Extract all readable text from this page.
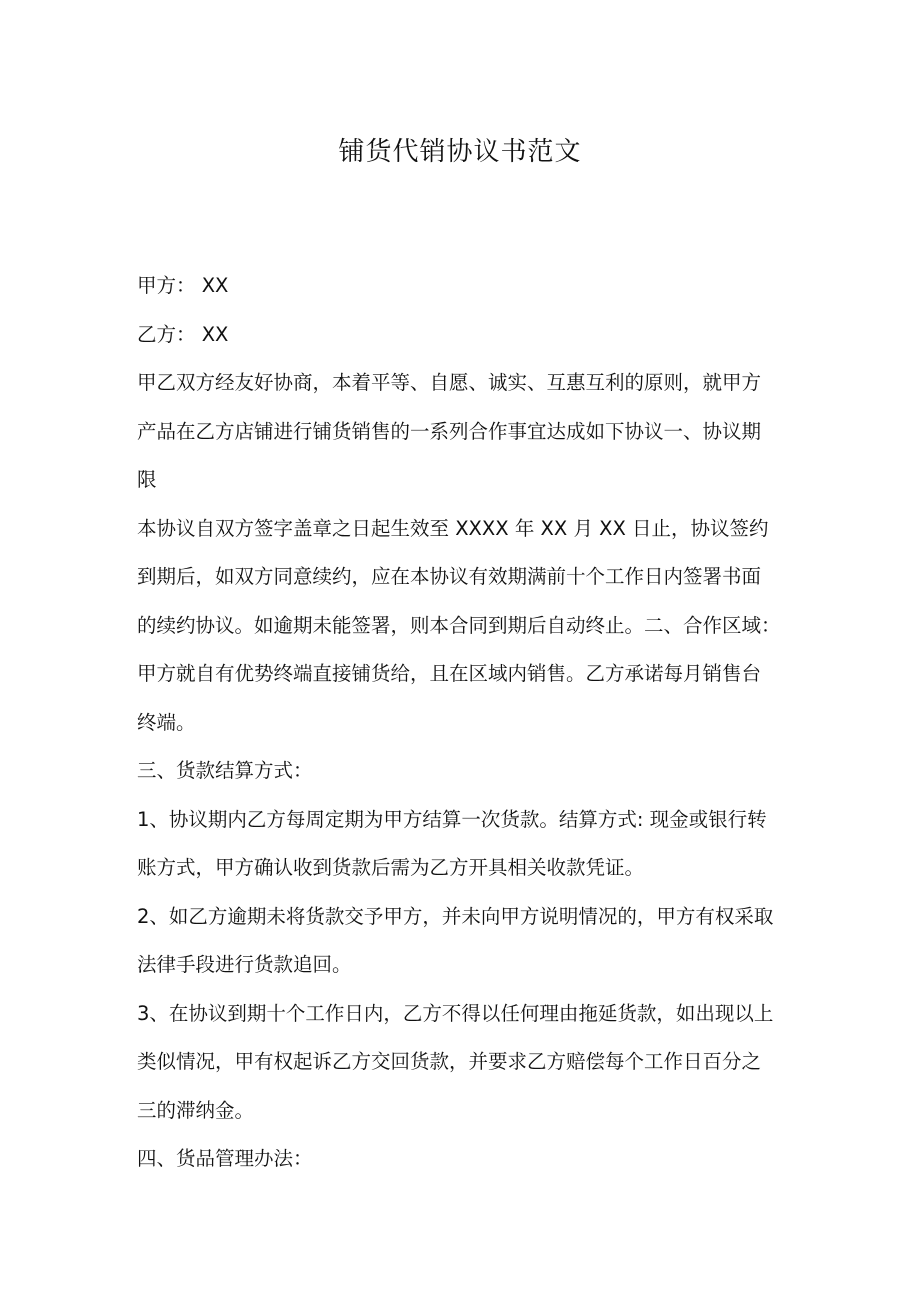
铺货代销协议书范文
甲方： XX
乙方： XX
甲乙双方经友好协商，本着平等、自愿、诚实、互惠互利的原则，就甲方
产品在乙方店铺进行铺货销售的一系列合作事宜达成如下协议一、协议期
限
本协议自双方签字盖章之日起生效至 XXXX 年 XX 月 XX 日止，协议签约
到期后，如双方同意续约，应在本协议有效期满前十个工作日内签署书面
的续约协议。如逾期未能签署，则本合同到期后自动终止。二、合作区域：
甲方就自有优势终端直接铺货给，且在区域内销售。乙方承诺每月销售台
终端。
三、货款结算方式：
1、协议期内乙方每周定期为甲方结算一次货款。结算方式: 现金或银行转
账方式，甲方确认收到货款后需为乙方开具相关收款凭证。
2、如乙方逾期未将货款交予甲方，并未向甲方说明情况的，甲方有权采取
法律手段进行货款追回。
3、在协议到期十个工作日内，乙方不得以任何理由拖延货款，如出现以上
类似情况，甲有权起诉乙方交回货款，并要求乙方赔偿每个工作日百分之
三的滞纳金。
四、货品管理办法：
